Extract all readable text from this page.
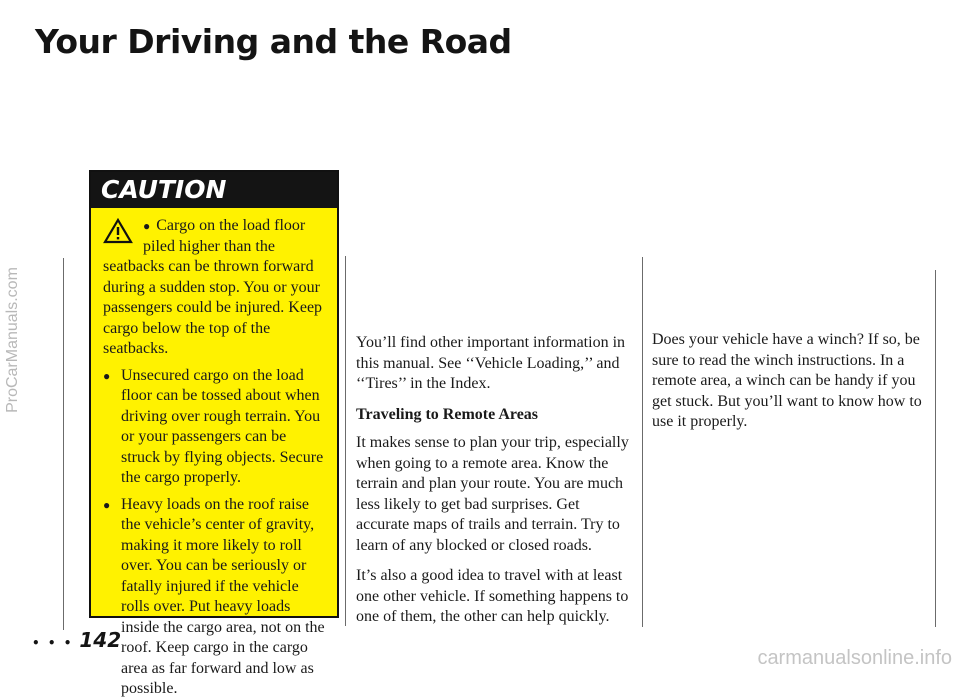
ProCarManuals.com
Your Driving and the Road
CAUTION
● Cargo on the load floor piled higher than the seatbacks can be thrown forward during a sudden stop. You or your passengers could be injured. Keep cargo below the top of the seatbacks.
● Unsecured cargo on the load floor can be tossed about when driving over rough terrain. You or your passengers can be struck by flying objects. Secure the cargo properly.
● Heavy loads on the roof raise the vehicle’s center of gravity, making it more likely to roll over. You can be seriously or fatally injured if the vehicle rolls over. Put heavy loads inside the cargo area, not on the roof. Keep cargo in the cargo area as far forward and low as possible.

You’ll find other important information in this manual. See ‘‘Vehicle Loading,’’ and ‘‘Tires’’ in the Index.

Traveling to Remote Areas

It makes sense to plan your trip, especially when going to a remote area. Know the terrain and plan your route. You are much less likely to get bad surprises. Get accurate maps of trails and terrain. Try to learn of any blocked or closed roads.

It’s also a good idea to travel with at least one other vehicle. If something happens to one of them, the other can help quickly.

Does your vehicle have a winch? If so, be sure to read the winch instructions. In a remote area, a winch can be handy if you get stuck. But you’ll want to know how to use it properly.

• • • 142
carmanualsonline.info
